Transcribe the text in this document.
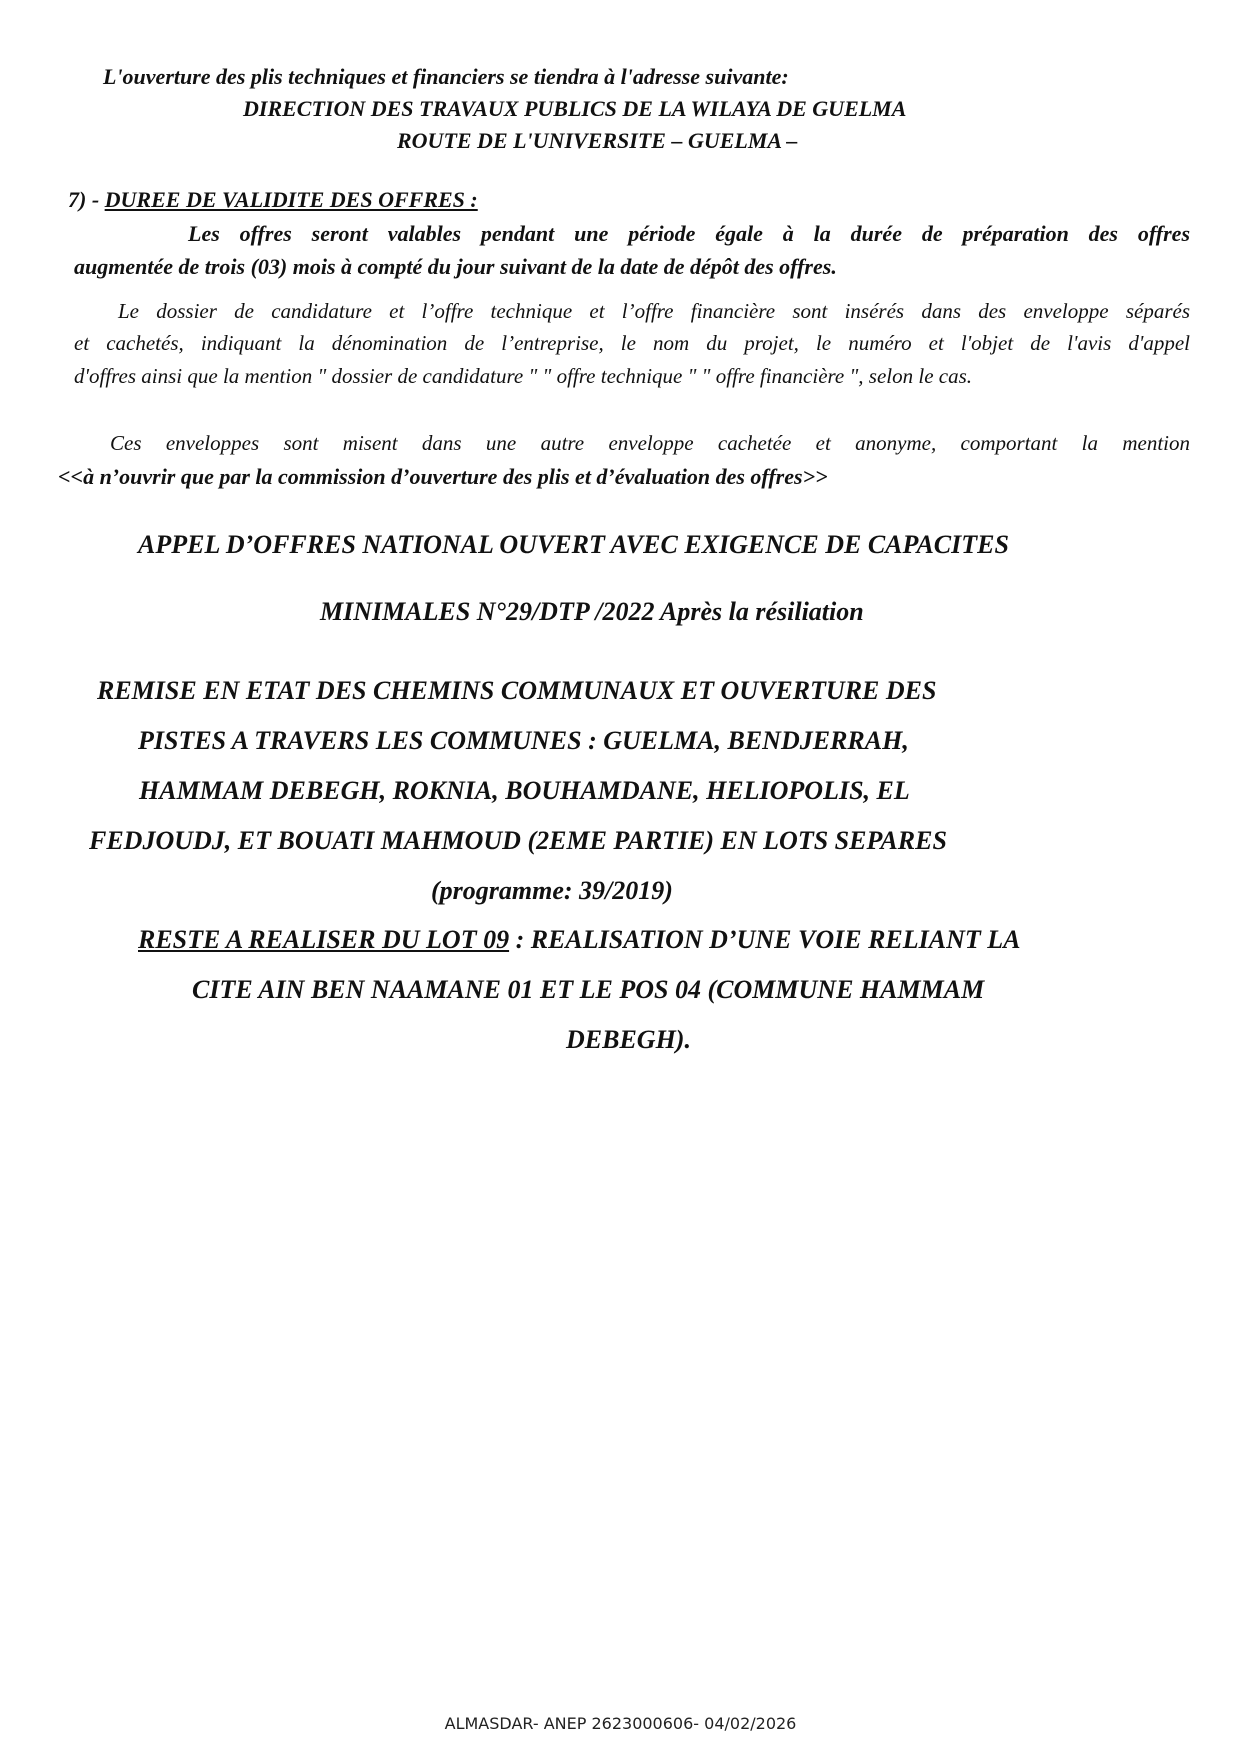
L'ouverture des plis techniques et financiers se tiendra à l'adresse suivante:
DIRECTION DES TRAVAUX PUBLICS DE LA WILAYA DE GUELMA
ROUTE DE L'UNIVERSITE – GUELMA –
7) - DUREE DE VALIDITE DES OFFRES :
Les offres seront valables pendant une période égale à la durée de préparation des offres
augmentée de trois (03) mois à compté du jour suivant de la date de dépôt des offres.
Le dossier de candidature et l’offre technique et l’offre financière sont insérés dans des enveloppe séparés
et cachetés, indiquant la dénomination de l’entreprise, le nom du projet, le numéro et l'objet de l'avis d'appel
d'offres ainsi que la mention " dossier de candidature " " offre technique " " offre financière ", selon le cas.
Ces enveloppes sont misent dans une autre enveloppe cachetée et anonyme, comportant la mention
<<à n’ouvrir que par la commission d’ouverture des plis et d’évaluation des offres>>
APPEL D’OFFRES NATIONAL OUVERT AVEC EXIGENCE DE CAPACITES
MINIMALES N°29/DTP /2022 Après la résiliation
REMISE EN ETAT DES CHEMINS COMMUNAUX ET OUVERTURE DES
PISTES A TRAVERS LES COMMUNES : GUELMA, BENDJERRAH,
HAMMAM DEBEGH, ROKNIA, BOUHAMDANE, HELIOPOLIS, EL
FEDJOUDJ, ET BOUATI MAHMOUD (2EME PARTIE) EN LOTS SEPARES
(programme: 39/2019)
RESTE A REALISER DU LOT 09 : REALISATION D’UNE VOIE RELIANT LA
CITE AIN BEN NAAMANE 01 ET LE POS 04 (COMMUNE HAMMAM
DEBEGH).
ALMASDAR- ANEP 2623000606- 04/02/2026
